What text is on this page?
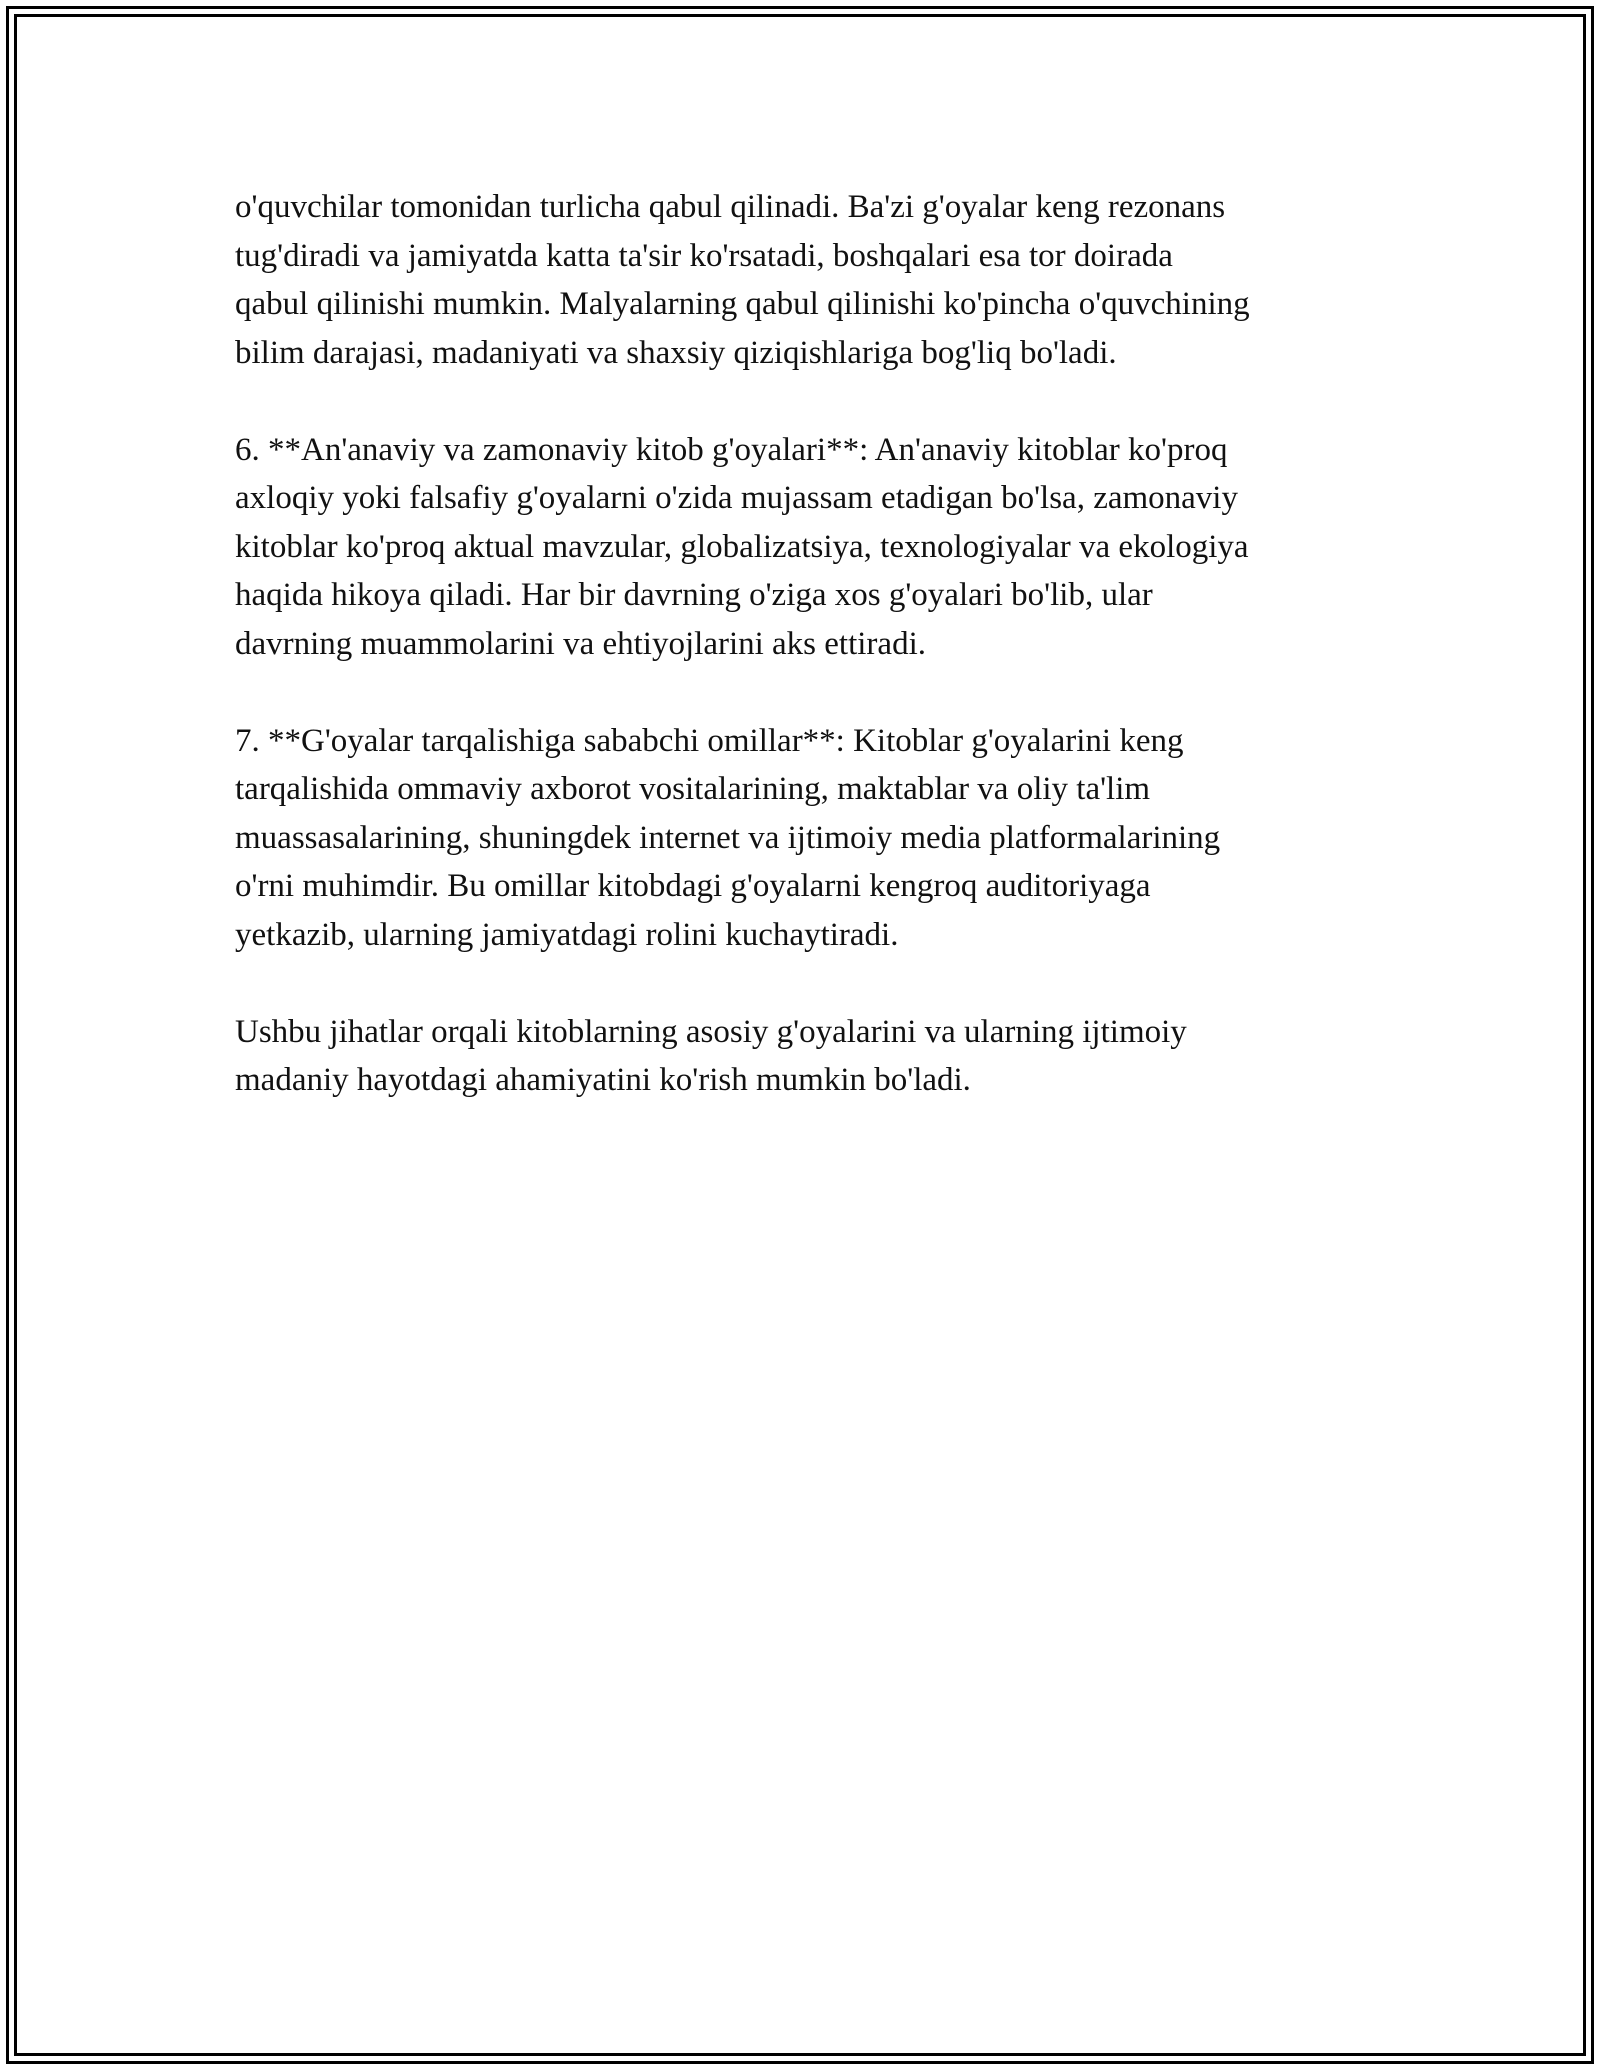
o'quvchilar tomonidan turlicha qabul qilinadi. Ba'zi g'oyalar keng rezonans
tug'diradi va jamiyatda katta ta'sir ko'rsatadi, boshqalari esa tor doirada
qabul qilinishi mumkin. Malyalarning qabul qilinishi ko'pincha o'quvchining
bilim darajasi, madaniyati va shaxsiy qiziqishlariga bog'liq bo'ladi.

6. **An'anaviy va zamonaviy kitob g'oyalari**: An'anaviy kitoblar ko'proq
axloqiy yoki falsafiy g'oyalarni o'zida mujassam etadigan bo'lsa, zamonaviy
kitoblar ko'proq aktual mavzular, globalizatsiya, texnologiyalar va ekologiya
haqida hikoya qiladi. Har bir davrning o'ziga xos g'oyalari bo'lib, ular
davrning muammolarini va ehtiyojlarini aks ettiradi.

7. **G'oyalar tarqalishiga sababchi omillar**: Kitoblar g'oyalarini keng
tarqalishida ommaviy axborot vositalarining, maktablar va oliy ta'lim
muassasalarining, shuningdek internet va ijtimoiy media platformalarining
o'rni muhimdir. Bu omillar kitobdagi g'oyalarni kengroq auditoriyaga
yetkazib, ularning jamiyatdagi rolini kuchaytiradi.

Ushbu jihatlar orqali kitoblarning asosiy g'oyalarini va ularning ijtimoiy
madaniy hayotdagi ahamiyatini ko'rish mumkin bo'ladi.
